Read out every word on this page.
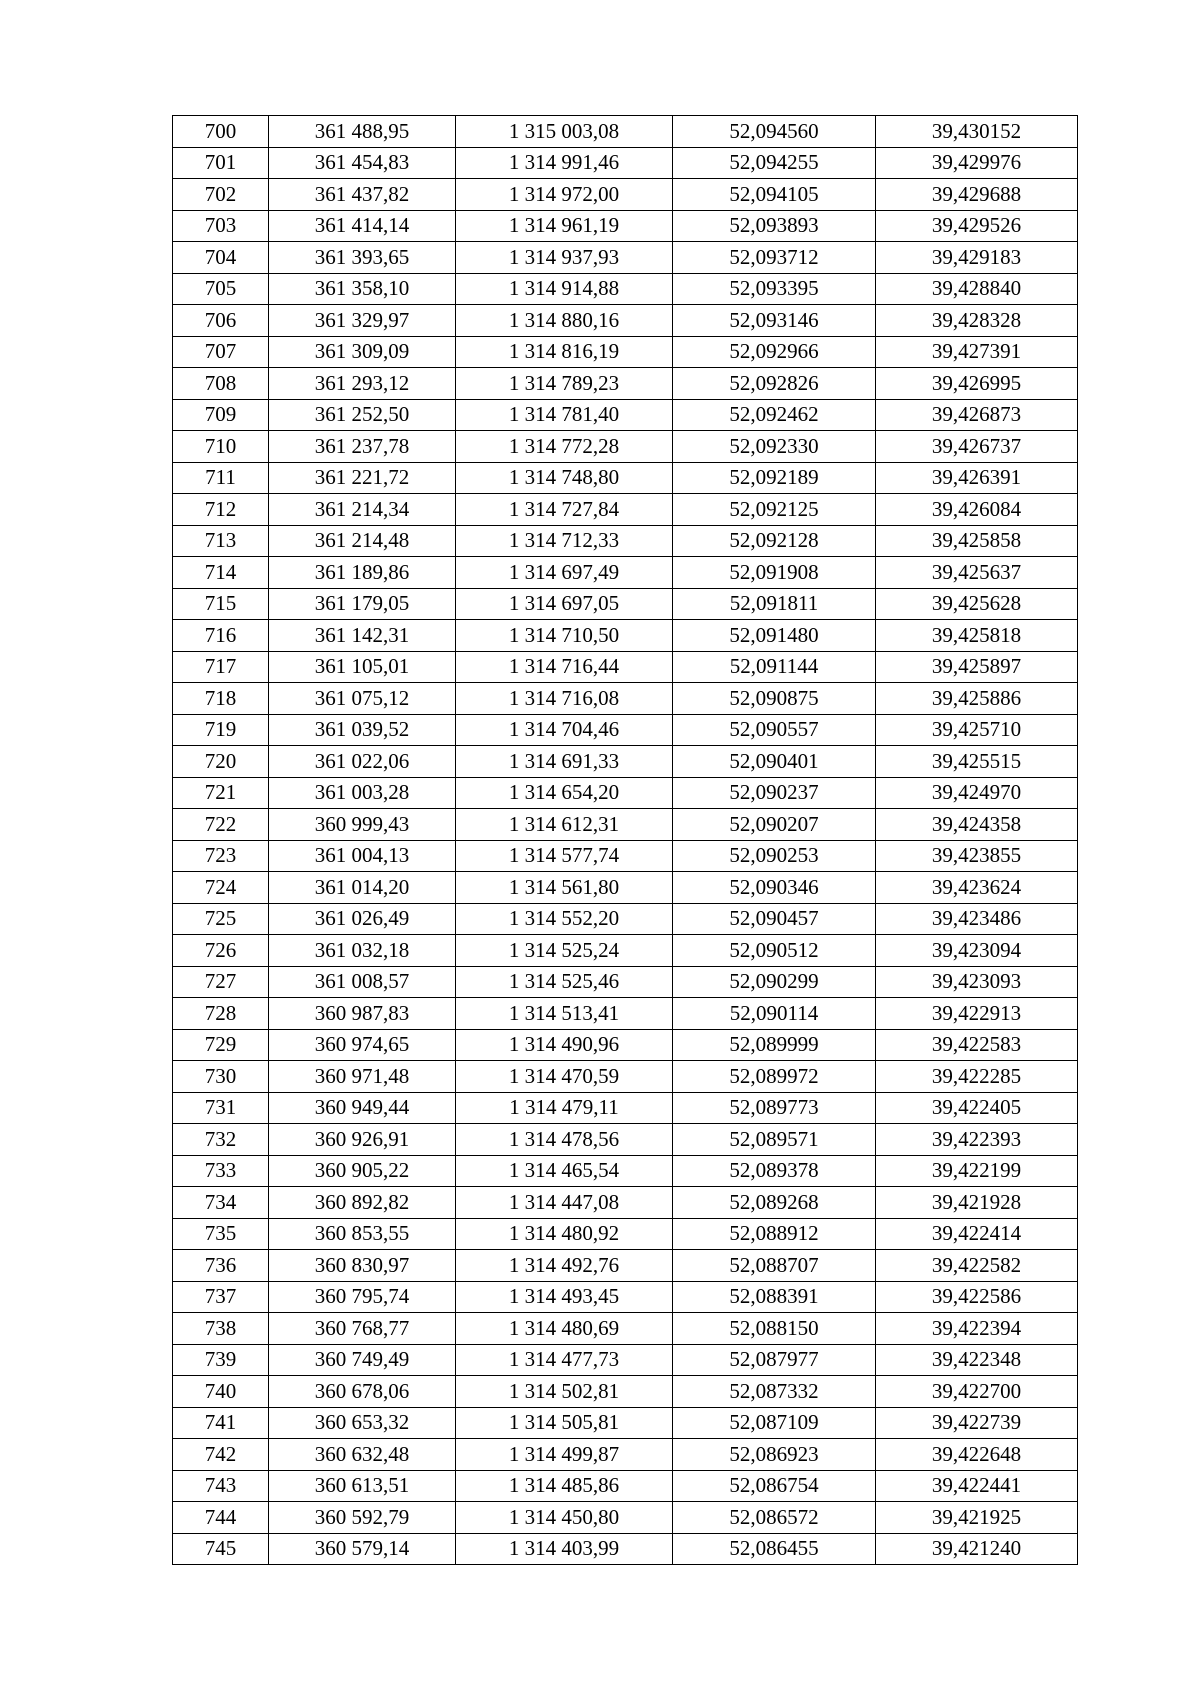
700	361 488,95	1 315 003,08	52,094560	39,430152
701	361 454,83	1 314 991,46	52,094255	39,429976
702	361 437,82	1 314 972,00	52,094105	39,429688
703	361 414,14	1 314 961,19	52,093893	39,429526
704	361 393,65	1 314 937,93	52,093712	39,429183
705	361 358,10	1 314 914,88	52,093395	39,428840
706	361 329,97	1 314 880,16	52,093146	39,428328
707	361 309,09	1 314 816,19	52,092966	39,427391
708	361 293,12	1 314 789,23	52,092826	39,426995
709	361 252,50	1 314 781,40	52,092462	39,426873
710	361 237,78	1 314 772,28	52,092330	39,426737
711	361 221,72	1 314 748,80	52,092189	39,426391
712	361 214,34	1 314 727,84	52,092125	39,426084
713	361 214,48	1 314 712,33	52,092128	39,425858
714	361 189,86	1 314 697,49	52,091908	39,425637
715	361 179,05	1 314 697,05	52,091811	39,425628
716	361 142,31	1 314 710,50	52,091480	39,425818
717	361 105,01	1 314 716,44	52,091144	39,425897
718	361 075,12	1 314 716,08	52,090875	39,425886
719	361 039,52	1 314 704,46	52,090557	39,425710
720	361 022,06	1 314 691,33	52,090401	39,425515
721	361 003,28	1 314 654,20	52,090237	39,424970
722	360 999,43	1 314 612,31	52,090207	39,424358
723	361 004,13	1 314 577,74	52,090253	39,423855
724	361 014,20	1 314 561,80	52,090346	39,423624
725	361 026,49	1 314 552,20	52,090457	39,423486
726	361 032,18	1 314 525,24	52,090512	39,423094
727	361 008,57	1 314 525,46	52,090299	39,423093
728	360 987,83	1 314 513,41	52,090114	39,422913
729	360 974,65	1 314 490,96	52,089999	39,422583
730	360 971,48	1 314 470,59	52,089972	39,422285
731	360 949,44	1 314 479,11	52,089773	39,422405
732	360 926,91	1 314 478,56	52,089571	39,422393
733	360 905,22	1 314 465,54	52,089378	39,422199
734	360 892,82	1 314 447,08	52,089268	39,421928
735	360 853,55	1 314 480,92	52,088912	39,422414
736	360 830,97	1 314 492,76	52,088707	39,422582
737	360 795,74	1 314 493,45	52,088391	39,422586
738	360 768,77	1 314 480,69	52,088150	39,422394
739	360 749,49	1 314 477,73	52,087977	39,422348
740	360 678,06	1 314 502,81	52,087332	39,422700
741	360 653,32	1 314 505,81	52,087109	39,422739
742	360 632,48	1 314 499,87	52,086923	39,422648
743	360 613,51	1 314 485,86	52,086754	39,422441
744	360 592,79	1 314 450,80	52,086572	39,421925
745	360 579,14	1 314 403,99	52,086455	39,421240
